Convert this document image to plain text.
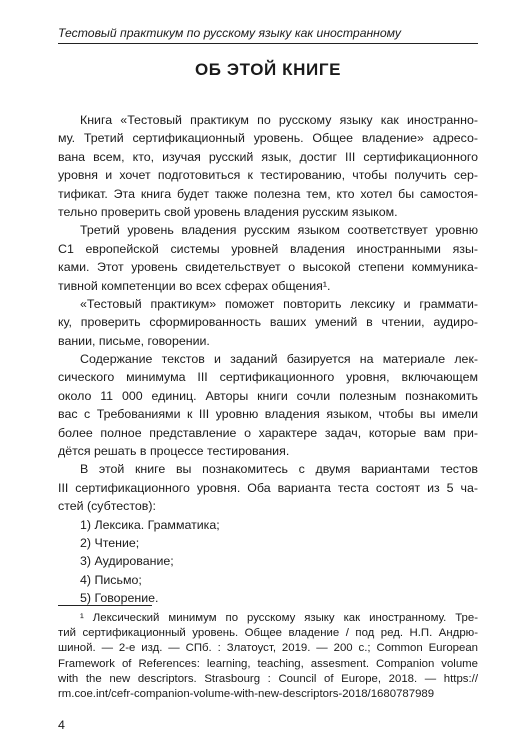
Тестовый практикум по русскому языку как иностранному
ОБ ЭТОЙ КНИГЕ
Книга «Тестовый практикум по русскому языку как иностранно-
му. Третий сертификационный уровень. Общее владение» адресо-
вана всем, кто, изучая русский язык, достиг III сертификационного
уровня и хочет подготовиться к тестированию, чтобы получить сер-
тификат. Эта книга будет также полезна тем, кто хотел бы самостоя-
тельно проверить свой уровень владения русским языком.
Третий уровень владения русским языком соответствует уровню
С1 европейской системы уровней владения иностранными язы-
ками. Этот уровень свидетельствует о высокой степени коммуника-
тивной компетенции во всех сферах общения¹.
«Тестовый практикум» поможет повторить лексику и граммати-
ку, проверить сформированность ваших умений в чтении, аудиро-
вании, письме, говорении.
Содержание текстов и заданий базируется на материале лек-
сического минимума III сертификационного уровня, включающем
около 11 000 единиц. Авторы книги сочли полезным познакомить
вас с Требованиями к III уровню владения языком, чтобы вы имели
более полное представление о характере задач, которые вам при-
дётся решать в процессе тестирования.
В этой книге вы познакомитесь с двумя вариантами тестов
III сертификационного уровня. Оба варианта теста состоят из 5 ча-
стей (субтестов):
1) Лексика. Грамматика;
2) Чтение;
3) Аудирование;
4) Письмо;
5) Говорение.
¹ Лексический минимум по русскому языку как иностранному. Тре-
тий сертификационный уровень. Общее владение / под ред. Н.П. Андрю-
шиной. — 2-е изд. — СПб. : Златоуст, 2019. — 200 с.; Common European
Framework of References: learning, teaching, assesment. Companion volume
with the new descriptors. Strasbourg : Council of Europe, 2018. — https://
rm.coe.int/cefr-companion-volume-with-new-descriptors-2018/1680787989
4
